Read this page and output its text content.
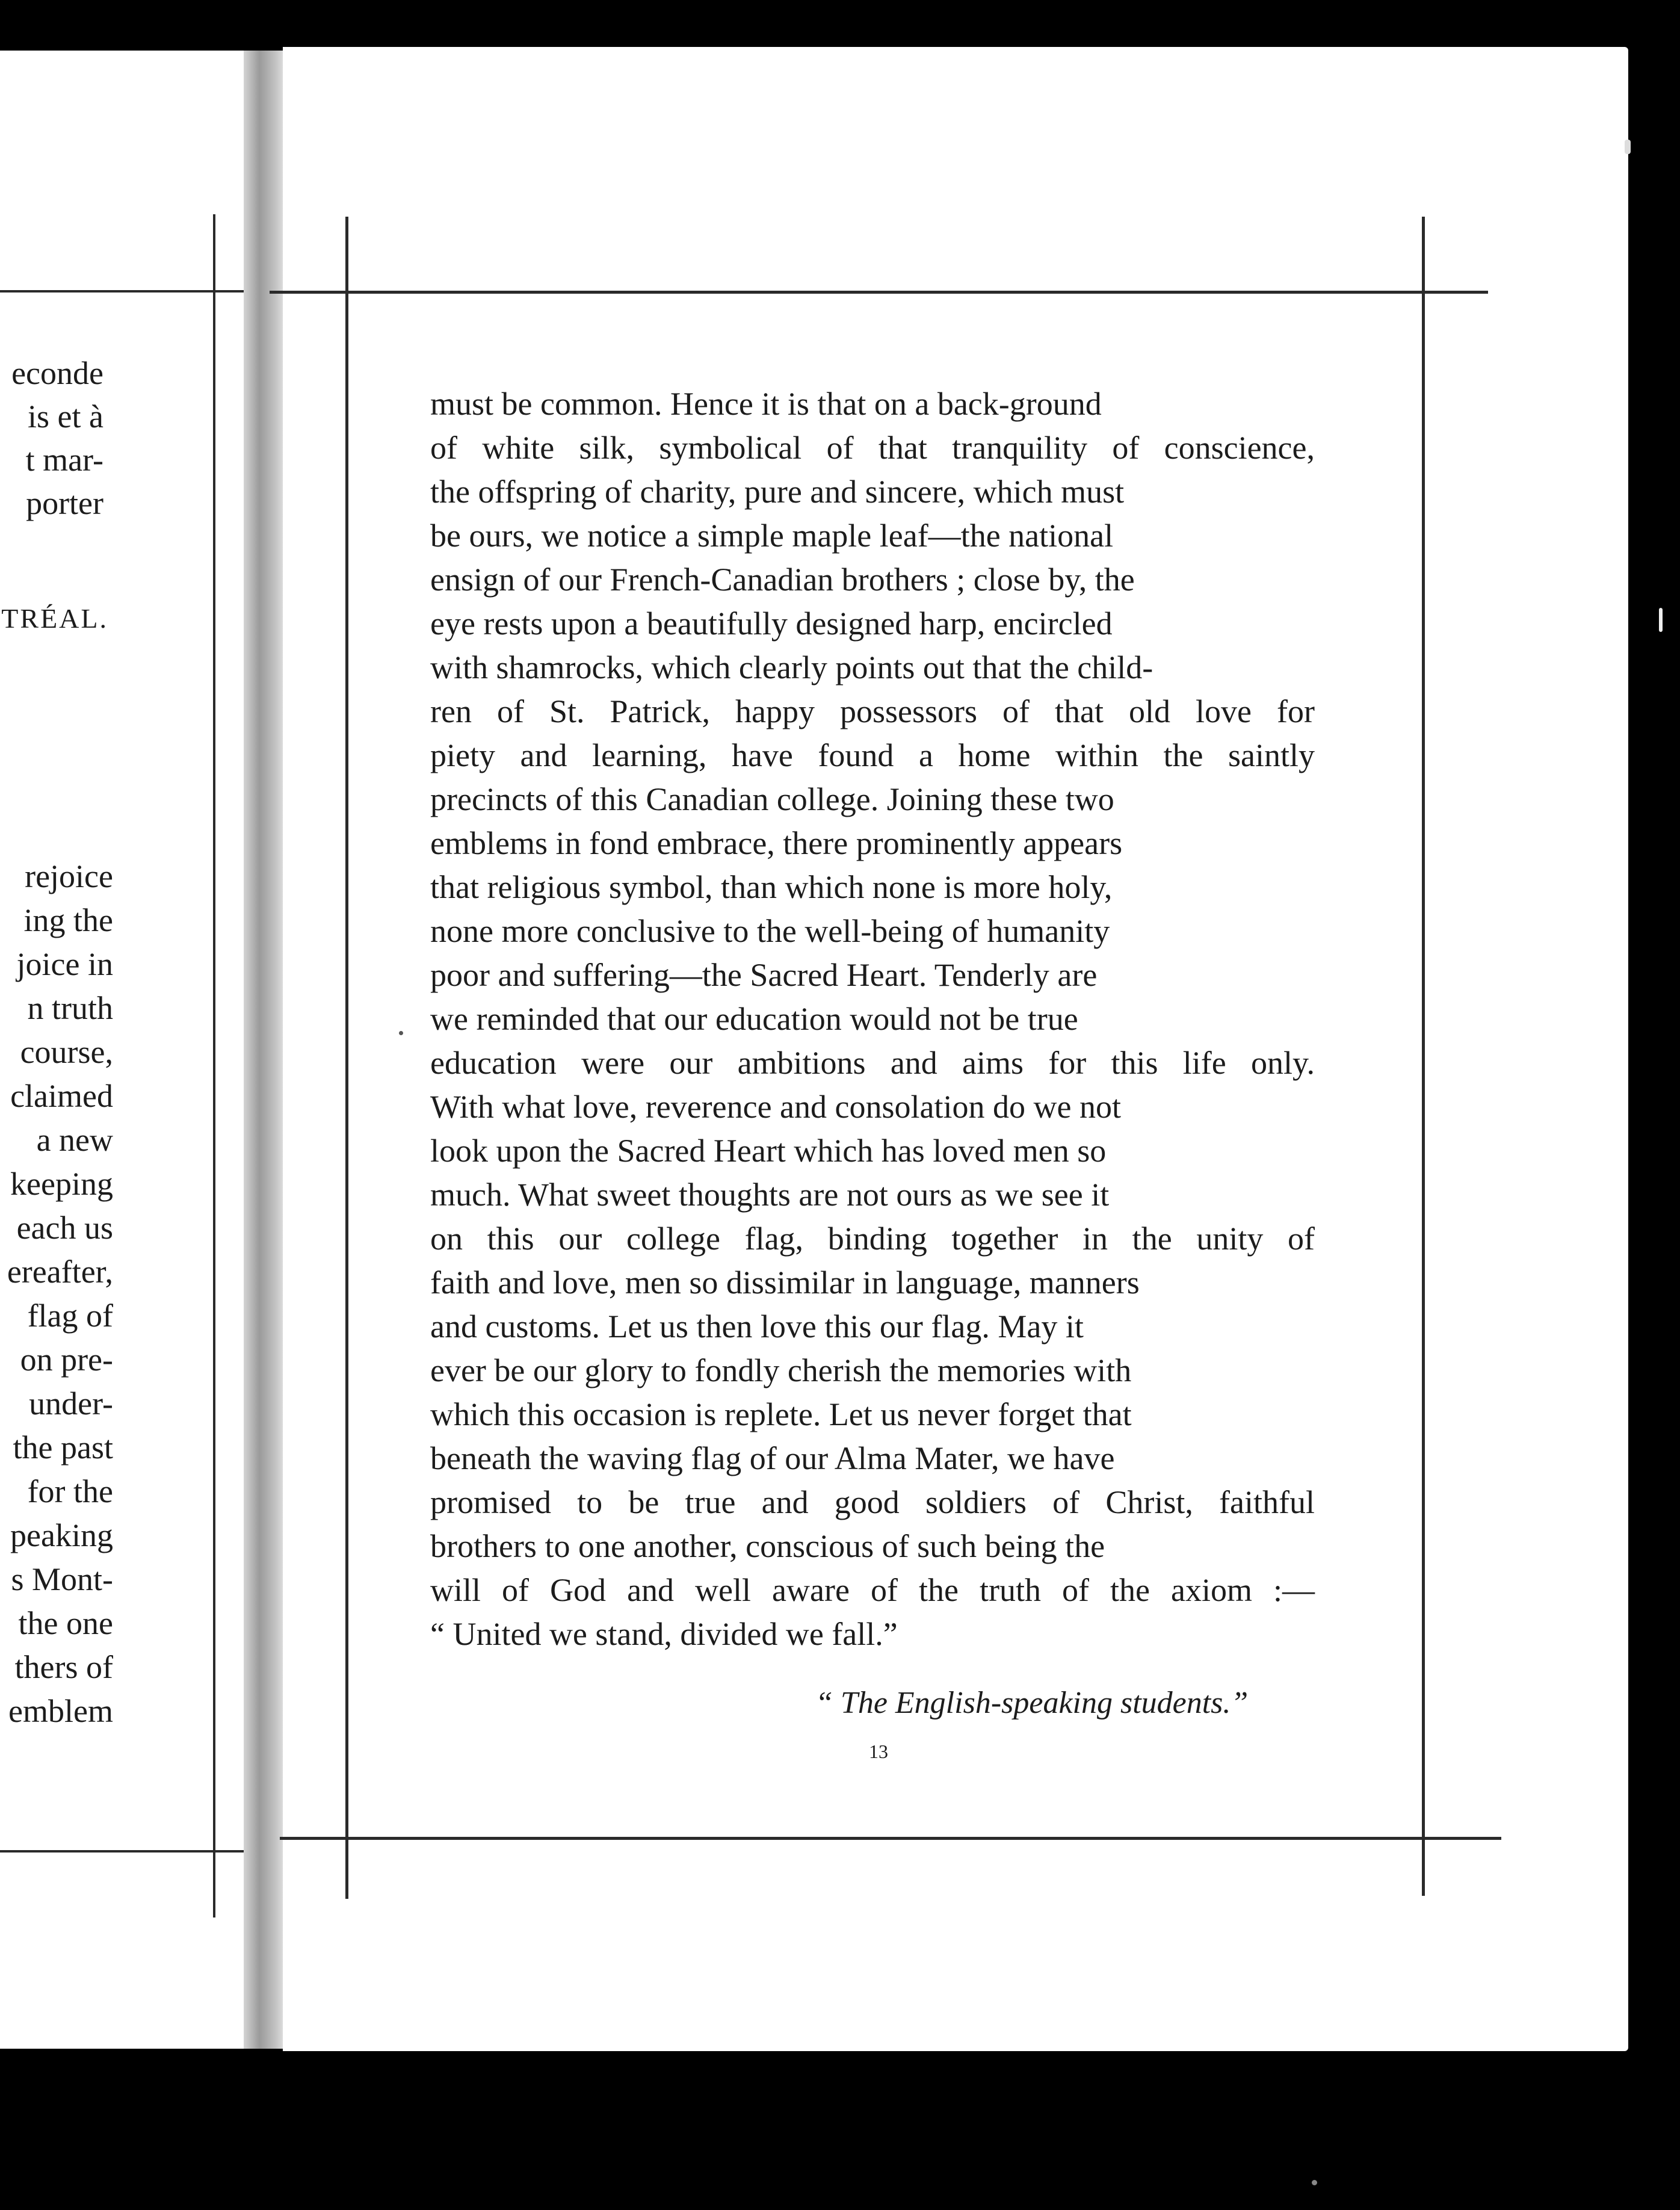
econde
is et à
t mar-
porter
TRÉAL.
rejoice
ing the
joice in
n truth
course,
claimed
a new
keeping
each us
ereafter,
flag of
on pre-
under-
the past
for the
peaking
s Mont-
the one
thers of
emblem
must be common. Hence it is that on a back-ground
of white silk, symbolical of that tranquility of conscience,
the offspring of charity, pure and sincere, which must
be ours, we notice a simple maple leaf—the national
ensign of our French-Canadian brothers ; close by, the
eye rests upon a beautifully designed harp, encircled
with shamrocks, which clearly points out that the child-
ren of St. Patrick, happy possessors of that old love for
piety and learning, have found a home within the saintly
precincts of this Canadian college. Joining these two
emblems in fond embrace, there prominently appears
that religious symbol, than which none is more holy,
none more conclusive to the well-being of humanity
poor and suffering—the Sacred Heart. Tenderly are
we reminded that our education would not be true
education were our ambitions and aims for this life only.
With what love, reverence and consolation do we not
look upon the Sacred Heart which has loved men so
much. What sweet thoughts are not ours as we see it
on this our college flag, binding together in the unity of
faith and love, men so dissimilar in language, manners
and customs. Let us then love this our flag. May it
ever be our glory to fondly cherish the memories with
which this occasion is replete. Let us never forget that
beneath the waving flag of our Alma Mater, we have
promised to be true and good soldiers of Christ, faithful
brothers to one another, conscious of such being the
will of God and well aware of the truth of the axiom :—
“ United we stand, divided we fall.”
“ The English-speaking students.”
13
